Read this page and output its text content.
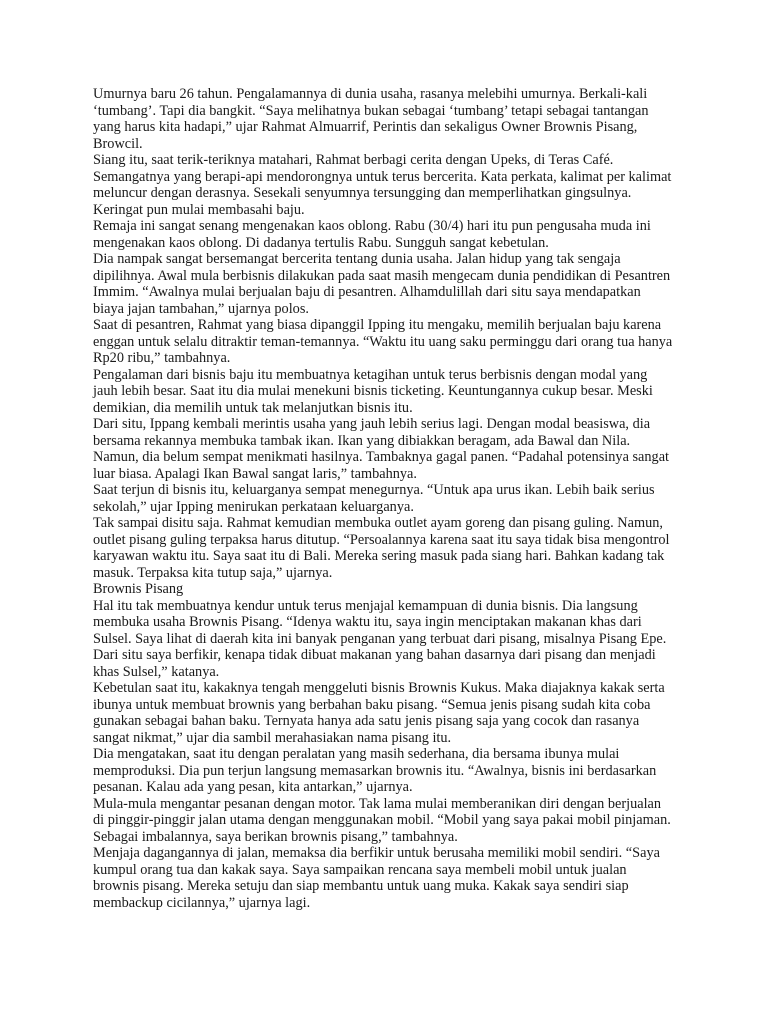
Umurnya baru 26 tahun. Pengalamannya di dunia usaha, rasanya melebihi umurnya. Berkali-kali ‘tumbang’. Tapi dia bangkit. “Saya melihatnya bukan sebagai ‘tumbang’ tetapi sebagai tantangan yang harus kita hadapi,” ujar Rahmat Almuarrif, Perintis dan sekaligus Owner Brownis Pisang, Browcil.

Siang itu, saat terik-teriknya matahari, Rahmat berbagi cerita dengan Upeks, di Teras Café. Semangatnya yang berapi-api mendorongnya untuk terus bercerita. Kata perkata, kalimat per kalimat meluncur dengan derasnya. Sesekali senyumnya tersungging dan memperlihatkan gingsulnya. Keringat pun mulai membasahi baju.

Remaja ini sangat senang mengenakan kaos oblong. Rabu (30/4) hari itu pun pengusaha muda ini mengenakan kaos oblong. Di dadanya tertulis Rabu. Sungguh sangat kebetulan.

Dia nampak sangat bersemangat bercerita tentang dunia usaha. Jalan hidup yang tak sengaja dipilihnya. Awal mula berbisnis dilakukan pada saat masih mengecam dunia pendidikan di Pesantren Immim. “Awalnya mulai berjualan baju di pesantren. Alhamdulillah dari situ saya mendapatkan biaya jajan tambahan,” ujarnya polos.

Saat di pesantren, Rahmat yang biasa dipanggil Ipping itu mengaku, memilih berjualan baju karena enggan untuk selalu ditraktir teman-temannya. “Waktu itu uang saku perminggu dari orang tua hanya Rp20 ribu,” tambahnya.

Pengalaman dari bisnis baju itu membuatnya ketagihan untuk terus berbisnis dengan modal yang jauh lebih besar. Saat itu dia mulai menekuni bisnis ticketing. Keuntungannya cukup besar. Meski demikian, dia memilih untuk tak melanjutkan bisnis itu.

Dari situ, Ippang kembali merintis usaha yang jauh lebih serius lagi. Dengan modal beasiswa, dia bersama rekannya membuka tambak ikan. Ikan yang dibiakkan beragam, ada Bawal dan Nila. Namun, dia belum sempat menikmati hasilnya. Tambaknya gagal panen. “Padahal potensinya sangat luar biasa. Apalagi Ikan Bawal sangat laris,” tambahnya.

Saat terjun di bisnis itu, keluarganya sempat menegurnya. “Untuk apa urus ikan. Lebih baik serius sekolah,” ujar Ipping menirukan perkataan keluarganya.

Tak sampai disitu saja. Rahmat kemudian membuka outlet ayam goreng dan pisang guling. Namun, outlet pisang guling terpaksa harus ditutup. “Persoalannya karena saat itu saya tidak bisa mengontrol karyawan waktu itu. Saya saat itu di Bali. Mereka sering masuk pada siang hari. Bahkan kadang tak masuk. Terpaksa kita tutup saja,” ujarnya.

Brownis Pisang

Hal itu tak membuatnya kendur untuk terus menjajal kemampuan di dunia bisnis. Dia langsung membuka usaha Brownis Pisang. “Idenya waktu itu, saya ingin menciptakan makanan khas dari Sulsel. Saya lihat di daerah kita ini banyak penganan yang terbuat dari pisang, misalnya Pisang Epe. Dari situ saya berfikir, kenapa tidak dibuat makanan yang bahan dasarnya dari pisang dan menjadi khas Sulsel,” katanya.

Kebetulan saat itu, kakaknya tengah menggeluti bisnis Brownis Kukus. Maka diajaknya kakak serta ibunya untuk membuat brownis yang berbahan baku pisang. “Semua jenis pisang sudah kita coba gunakan sebagai bahan baku. Ternyata hanya ada satu jenis pisang saja yang cocok dan rasanya sangat nikmat,” ujar dia sambil merahasiakan nama pisang itu.

Dia mengatakan, saat itu dengan peralatan yang masih sederhana, dia bersama ibunya mulai memproduksi. Dia pun terjun langsung memasarkan brownis itu. “Awalnya, bisnis ini berdasarkan pesanan. Kalau ada yang pesan, kita antarkan,” ujarnya.

Mula-mula mengantar pesanan dengan motor. Tak lama mulai memberanikan diri dengan berjualan di pinggir-pinggir jalan utama dengan menggunakan mobil. “Mobil yang saya pakai mobil pinjaman. Sebagai imbalannya, saya berikan brownis pisang,” tambahnya.

Menjaja dagangannya di jalan, memaksa dia berfikir untuk berusaha memiliki mobil sendiri. “Saya kumpul orang tua dan kakak saya. Saya sampaikan rencana saya membeli mobil untuk jualan brownis pisang. Mereka setuju dan siap membantu untuk uang muka. Kakak saya sendiri siap membackup cicilannya,” ujarnya lagi.
